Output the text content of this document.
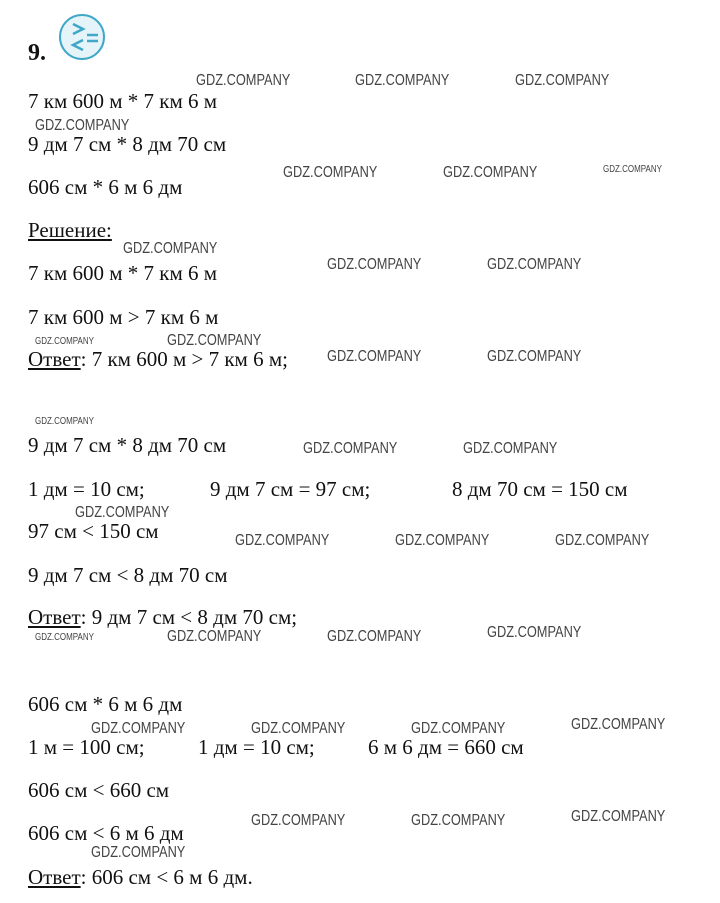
9.
7 км 600 м * 7 км 6 м
9 дм 7 см * 8 дм 70 см
606 см * 6 м 6 дм
Решение:
7 км 600 м * 7 км 6 м
7 км 600 м > 7 км 6 м
Ответ: 7 км 600 м > 7 км 6 м;
9 дм 7 см * 8 дм 70 см
1 дм = 10 см;	9 дм 7 см = 97 см;	8 дм 70 см = 150 см
97 см < 150 см
9 дм 7 см < 8 дм 70 см
Ответ: 9 дм 7 см < 8 дм 70 см;
606 см * 6 м 6 дм
1 м = 100 см;	1 дм = 10 см;	6 м 6 дм = 660 см
606 см < 660 см
606 см < 6 м 6 дм
Ответ: 606 см < 6 м 6 дм.
GDZ.COMPANY	GDZ.COMPANY	GDZ.COMPANY
GDZ.COMPANY
GDZ.COMPANY	GDZ.COMPANY	GDZ.COMPANY
GDZ.COMPANY
GDZ.COMPANY	GDZ.COMPANY
GDZ.COMPANY	GDZ.COMPANY
GDZ.COMPANY	GDZ.COMPANY
GDZ.COMPANY
GDZ.COMPANY	GDZ.COMPANY
GDZ.COMPANY
GDZ.COMPANY	GDZ.COMPANY	GDZ.COMPANY
GDZ.COMPANY	GDZ.COMPANY	GDZ.COMPANY	GDZ.COMPANY
GDZ.COMPANY	GDZ.COMPANY	GDZ.COMPANY	GDZ.COMPANY
GDZ.COMPANY	GDZ.COMPANY	GDZ.COMPANY
GDZ.COMPANY
